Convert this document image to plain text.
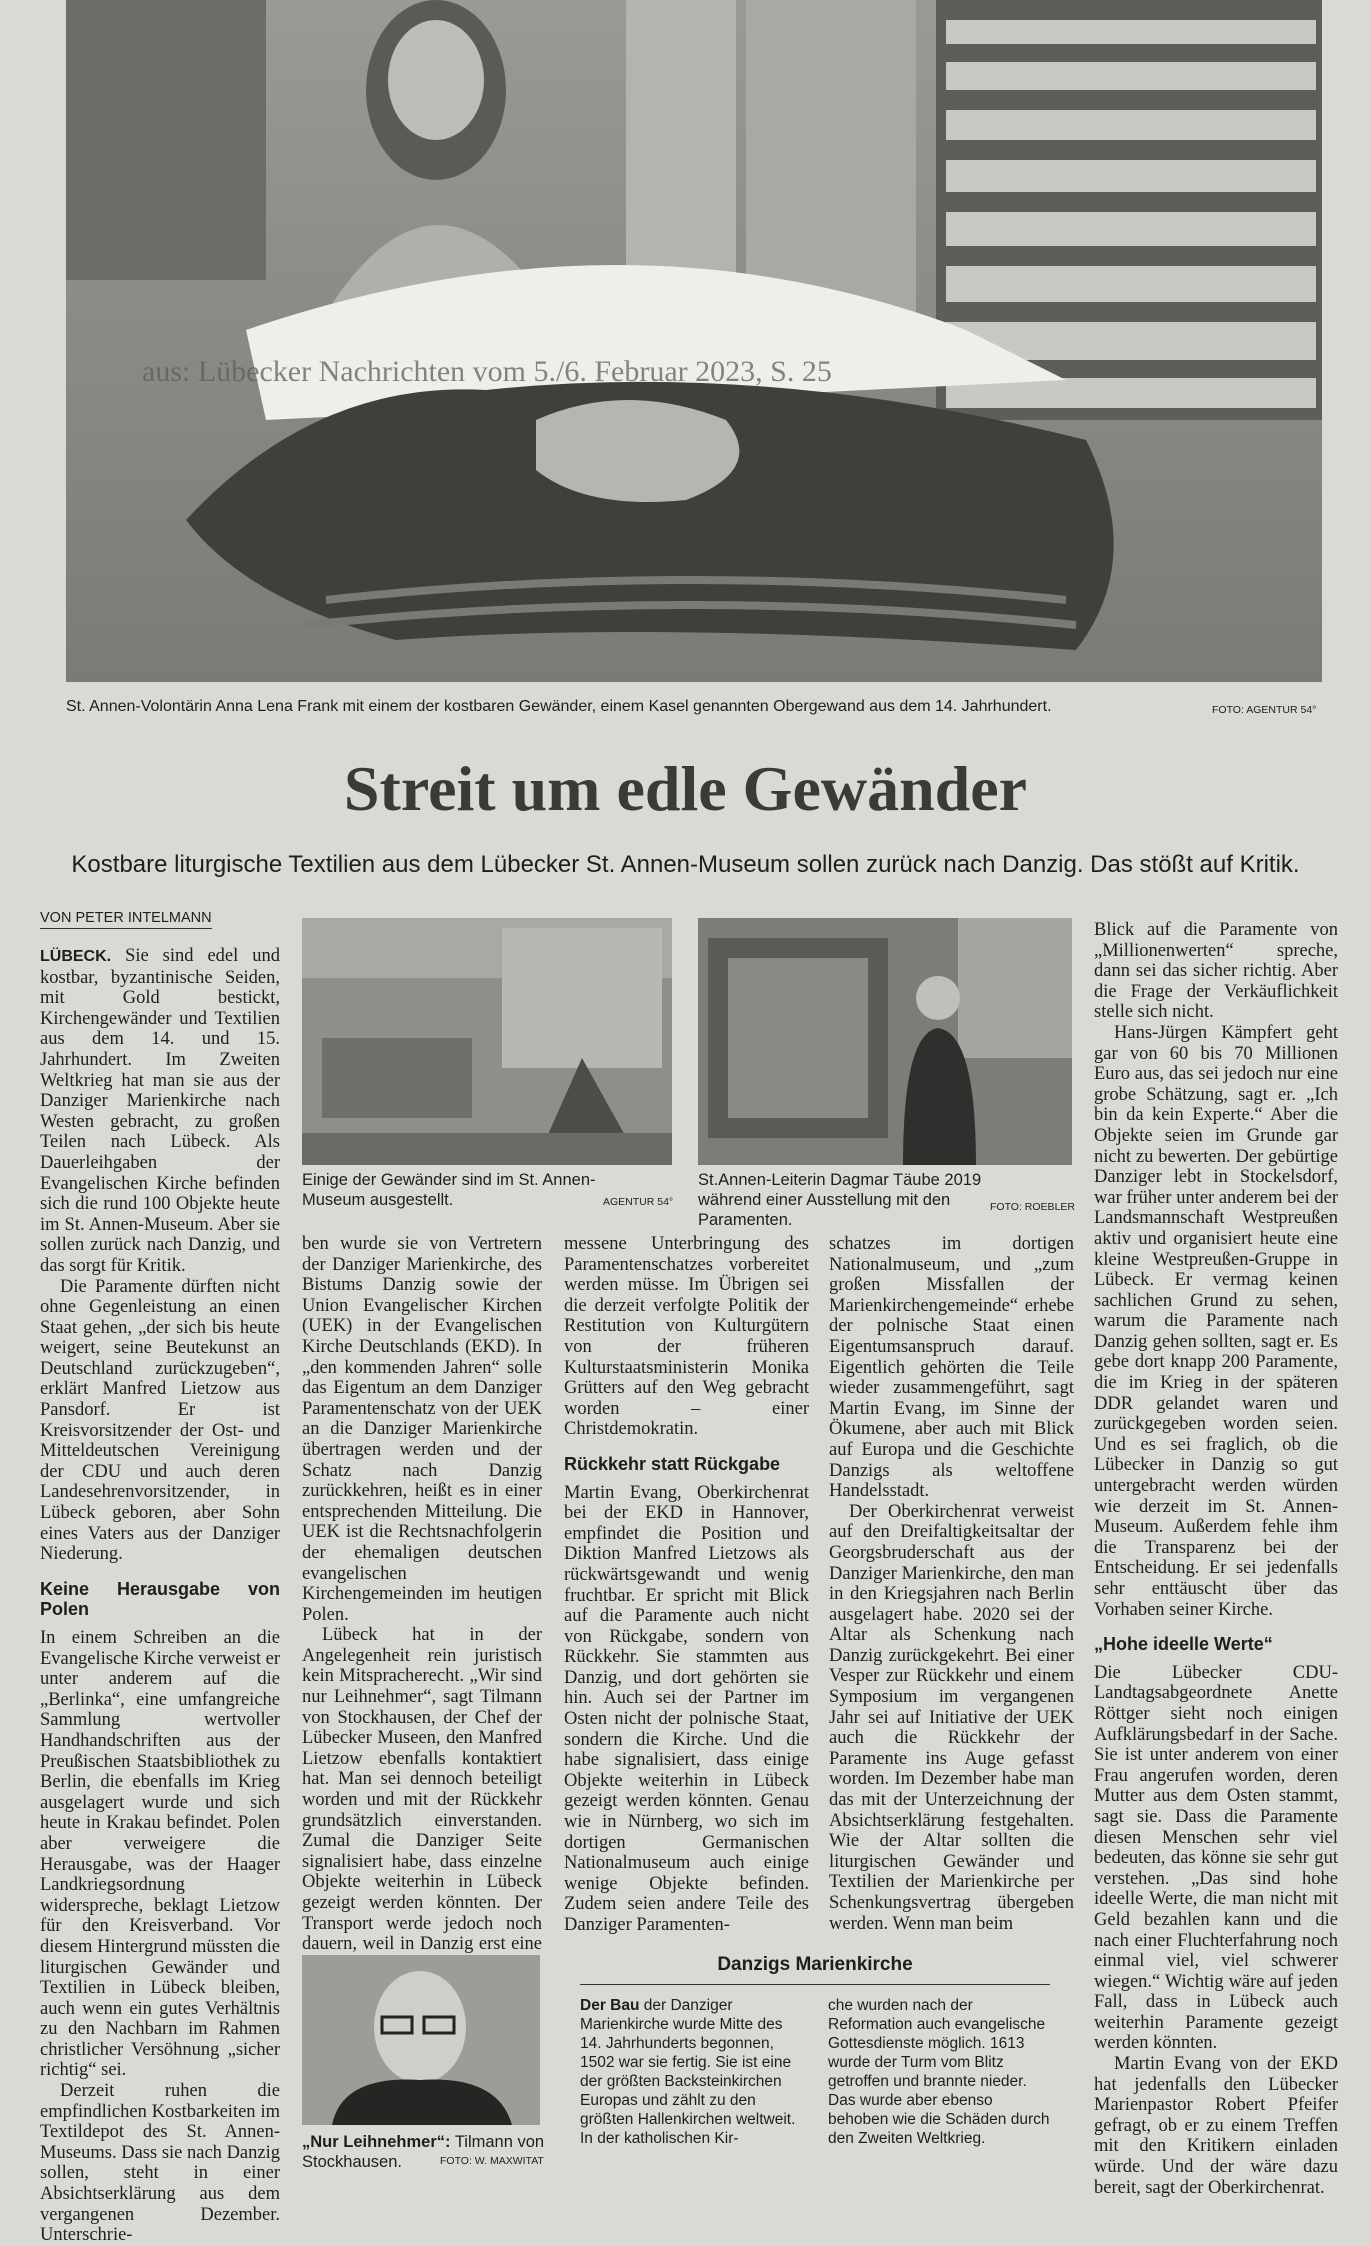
aus: Lübecker Nachrichten vom 5./6. Februar 2023, S. 25
St. Annen-Volontärin Anna Lena Frank mit einem der kostbaren Gewänder, einem Kasel genannten Obergewand aus dem 14. Jahrhundert.	FOTO: AGENTUR 54°
Streit um edle Gewänder
Kostbare liturgische Textilien aus dem Lübecker St. Annen-Museum sollen zurück nach Danzig. Das stößt auf Kritik.
VON PETER INTELMANN
Einige der Gewänder sind im St. Annen-Museum ausgestellt.	AGENTUR 54°
St.Annen-Leiterin Dagmar Täube 2019 während einer Ausstellung mit den Paramenten.
FOTO: ROEBLER

LÜBECK. Sie sind edel und kostbar, byzantinische Seiden, mit Gold bestickt, Kirchengewänder und Textilien aus dem 14. und 15. Jahrhundert. Im Zweiten Weltkrieg hat man sie aus der Danziger Marienkirche nach Westen gebracht, zu großen Teilen nach Lübeck. Als Dauerleihgaben der Evangelischen Kirche befinden sich die rund 100 Objekte heute im St. Annen-Museum. Aber sie sollen zurück nach Danzig, und das sorgt für Kritik.

Die Paramente dürften nicht ohne Gegenleistung an einen Staat gehen, „der sich bis heute weigert, seine Beutekunst an Deutschland zurückzugeben“, erklärt Manfred Lietzow aus Pansdorf. Er ist Kreisvorsitzender der Ost- und Mitteldeutschen Vereinigung der CDU und auch deren Landesehrenvorsitzender, in Lübeck geboren, aber Sohn eines Vaters aus der Danziger Niederung.

Keine Herausgabe von Polen

In einem Schreiben an die Evangelische Kirche verweist er unter anderem auf die „Berlinka“, eine umfangreiche Sammlung wertvoller Handhandschriften aus der Preußischen Staatsbibliothek zu Berlin, die ebenfalls im Krieg ausgelagert wurde und sich heute in Krakau befindet. Polen aber verweigere die Herausgabe, was der Haager Landkriegsordnung widerspreche, beklagt Lietzow für den Kreisverband. Vor diesem Hintergrund müssten die liturgischen Gewänder und Textilien in Lübeck bleiben, auch wenn ein gutes Verhältnis zu den Nachbarn im Rahmen christlicher Versöhnung „sicher richtig“ sei.

Derzeit ruhen die empfindlichen Kostbarkeiten im Textildepot des St. Annen-Museums. Dass sie nach Danzig sollen, steht in einer Absichtserklärung aus dem vergangenen Dezember. Unterschrie-

ben wurde sie von Vertretern der Danziger Marienkirche, des Bistums Danzig sowie der Union Evangelischer Kirchen (UEK) in der Evangelischen Kirche Deutschlands (EKD). In „den kommenden Jahren“ solle das Eigentum an dem Danziger Paramentenschatz von der UEK an die Danziger Marienkirche übertragen werden und der Schatz nach Danzig zurückkehren, heißt es in einer entsprechenden Mitteilung. Die UEK ist die Rechtsnachfolgerin der ehemaligen deutschen evangelischen Kirchengemeinden im heutigen Polen.

Lübeck hat in der Angelegenheit rein juristisch kein Mitspracherecht. „Wir sind nur Leihnehmer“, sagt Tilmann von Stockhausen, der Chef der Lübecker Museen, den Manfred Lietzow ebenfalls kontaktiert hat. Man sei dennoch beteiligt worden und mit der Rückkehr grundsätzlich einverstanden. Zumal die Danziger Seite signalisiert habe, dass einzelne Objekte weiterhin in Lübeck gezeigt werden könnten. Der Transport werde jedoch noch dauern, weil in Danzig erst eine

„Nur Leihnehmer“: Tilmann von Stockhausen.	FOTO: W. MAXWITAT

messene Unterbringung des Paramentenschatzes vorbereitet werden müsse. Im Übrigen sei die derzeit verfolgte Politik der Restitution von Kulturgütern von der früheren Kulturstaatsministerin Monika Grütters auf den Weg gebracht worden – einer Christdemokratin.

Rückkehr statt Rückgabe

Martin Evang, Oberkirchenrat bei der EKD in Hannover, empfindet die Position und Diktion Manfred Lietzows als rückwärtsgewandt und wenig fruchtbar. Er spricht mit Blick auf die Paramente auch nicht von Rückgabe, sondern von Rückkehr. Sie stammten aus Danzig, und dort gehörten sie hin. Auch sei der Partner im Osten nicht der polnische Staat, sondern die Kirche. Und die habe signalisiert, dass einige Objekte weiterhin in Lübeck gezeigt werden könnten. Genau wie in Nürnberg, wo sich im dortigen Germanischen Nationalmuseum auch einige wenige Objekte befinden. Zudem seien andere Teile des Danziger Paramenten-

schatzes im dortigen Nationalmuseum, und „zum großen Missfallen der Marienkirchengemeinde“ erhebe der polnische Staat einen Eigentumsanspruch darauf. Eigentlich gehörten die Teile wieder zusammengeführt, sagt Martin Evang, im Sinne der Ökumene, aber auch mit Blick auf Europa und die Geschichte Danzigs als weltoffene Handelsstadt.

Der Oberkirchenrat verweist auf den Dreifaltigkeitsaltar der Georgsbruderschaft aus der Danziger Marienkirche, den man in den Kriegsjahren nach Berlin ausgelagert habe. 2020 sei der Altar als Schenkung nach Danzig zurückgekehrt. Bei einer Vesper zur Rückkehr und einem Symposium im vergangenen Jahr sei auf Initiative der UEK auch die Rückkehr der Paramente ins Auge gefasst worden. Im Dezember habe man das mit der Unterzeichnung der Absichtserklärung festgehalten. Wie der Altar sollten die liturgischen Gewänder und Textilien der Marienkirche per Schenkungsvertrag übergeben werden. Wenn man beim

Danzigs Marienkirche
Der Bau der Danziger Marienkirche wurde Mitte des 14. Jahrhunderts begonnen, 1502 war sie fertig. Sie ist eine der größten Backsteinkirchen Europas und zählt zu den größten Hallenkirchen weltweit. In der katholischen Kir-
che wurden nach der Reformation auch evangelische Gottesdienste möglich. 1613 wurde der Turm vom Blitz getroffen und brannte nieder. Das wurde aber ebenso behoben wie die Schäden durch den Zweiten Weltkrieg.

Blick auf die Paramente von „Millionenwerten“ spreche, dann sei das sicher richtig. Aber die Frage der Verkäuflichkeit stelle sich nicht.

Hans-Jürgen Kämpfert geht gar von 60 bis 70 Millionen Euro aus, das sei jedoch nur eine grobe Schätzung, sagt er. „Ich bin da kein Experte.“ Aber die Objekte seien im Grunde gar nicht zu bewerten. Der gebürtige Danziger lebt in Stockelsdorf, war früher unter anderem bei der Landsmannschaft Westpreußen aktiv und organisiert heute eine kleine Westpreußen-Gruppe in Lübeck. Er vermag keinen sachlichen Grund zu sehen, warum die Paramente nach Danzig gehen sollten, sagt er. Es gebe dort knapp 200 Paramente, die im Krieg in der späteren DDR gelandet waren und zurückgegeben worden seien. Und es sei fraglich, ob die Lübecker in Danzig so gut untergebracht werden würden wie derzeit im St. Annen-Museum. Außerdem fehle ihm die Transparenz bei der Entscheidung. Er sei jedenfalls sehr enttäuscht über das Vorhaben seiner Kirche.

„Hohe ideelle Werte“

Die Lübecker CDU-Landtagsabgeordnete Anette Röttger sieht noch einigen Aufklärungsbedarf in der Sache. Sie ist unter anderem von einer Frau angerufen worden, deren Mutter aus dem Osten stammt, sagt sie. Dass die Paramente diesen Menschen sehr viel bedeuten, das könne sie sehr gut verstehen. „Das sind hohe ideelle Werte, die man nicht mit Geld bezahlen kann und die nach einer Fluchterfahrung noch einmal viel, viel schwerer wiegen.“ Wichtig wäre auf jeden Fall, dass in Lübeck auch weiterhin Paramente gezeigt werden könnten.

Martin Evang von der EKD hat jedenfalls den Lübecker Marienpastor Robert Pfeifer gefragt, ob er zu einem Treffen mit den Kritikern einladen würde. Und der wäre dazu bereit, sagt der Oberkirchenrat.
